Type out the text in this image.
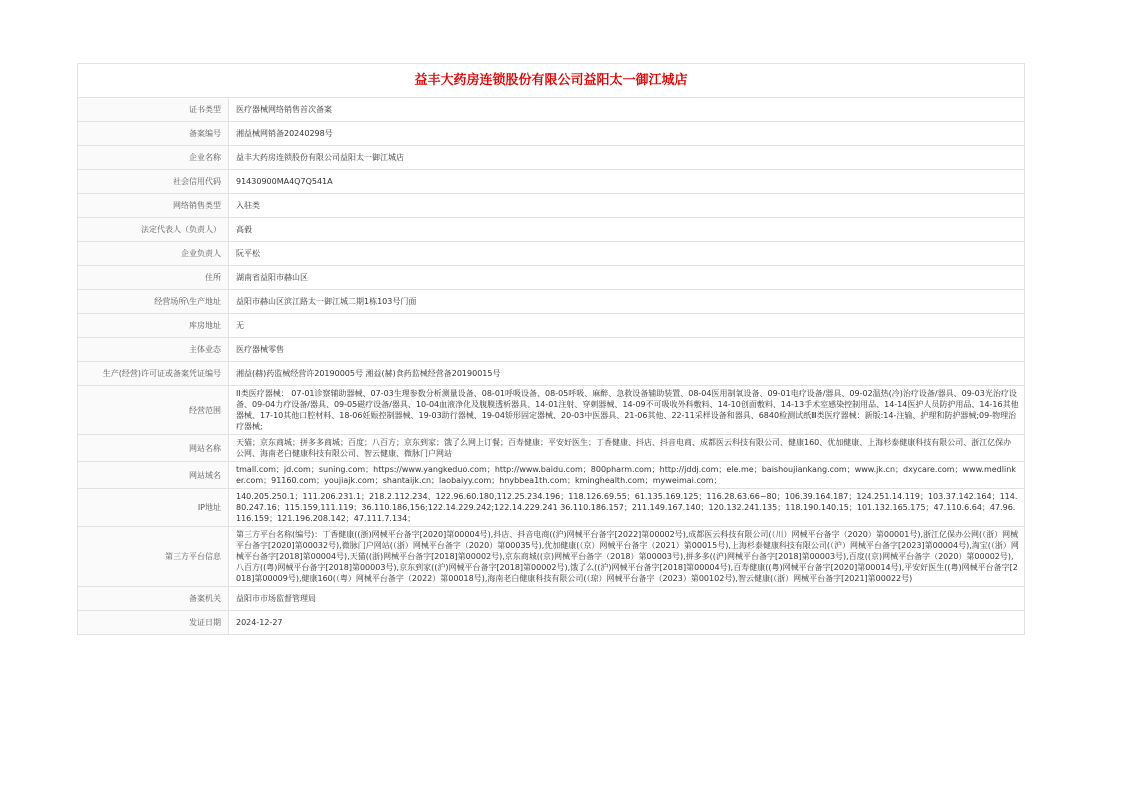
益丰大药房连锁股份有限公司益阳太一御江城店
证书类型	医疗器械网络销售首次备案
备案编号	湘益械网销备20240298号
企业名称	益丰大药房连锁股份有限公司益阳太一御江城店
社会信用代码	91430900MA4Q7Q541A
网络销售类型	入驻类
法定代表人（负责人）	高毅
企业负责人	阮平松
住所	湖南省益阳市赫山区
经营场所\生产地址	益阳市赫山区滨江路太一御江城二期1栋103号门面
库房地址	无
主体业态	医疗器械零售
生产(经营)许可证或备案凭证编号	湘益(赫)药监械经营许20190005号 湘益(赫)食药监械经营备20190015号
经营范围	II类医疗器械： 07-01诊察辅助器械、07-03生理参数分析测量设备、08-01呼吸设备、08-05呼吸、麻醉、急救设备辅助装置、08-04医用制氧设备、09-01电疗设备/器具、09-02温热(冷)治疗设备/器具、09-03光治疗设备、09-04力疗设备/器具、09-05磁疗设备/器具、10-04血液净化及腹膜透析器具、14-01注射、穿刺器械、14-09不可吸收外科敷料、14-10创面敷料、14-13手术室感染控制用品、14-14医护人员防护用品、14-16其他器械、17-10其他口腔材料、18-06妊娠控制器械、19-03助行器械、19-04矫形固定器械、20-03中医器具、21-06其他、22-11采样设备和器具、6840检测试纸Ⅲ类医疗器械：新版:14-注输、护理和防护器械;09-物理治疗器械;
网站名称	天猫；京东商城；拼多多商城；百度；八百方；京东到家；饿了么网上订餐；百寿健康；平安好医生；丁香健康、抖店、抖音电商、成都医云科技有限公司、健康160、优加健康、上海杉泰健康科技有限公司、浙江亿保办公网、海南老白健康科技有限公司、智云健康、微脉门户网站
网站域名	tmall.com；jd.com；suning.com；https://www.yangkeduo.com；http://www.baidu.com；800pharm.com；http://jddj.com；ele.me；baishoujiankang.com；www.jk.cn；dxycare.com；www.medlinker.com；91160.com；youjiajk.com；shantaijk.cn；laobaiyy.com；hnybbea1th.com；kminghealth.com；myweimai.com；
IP地址	140.205.250.1；111.206.231.1；218.2.112.234、122.96.60.180,112.25.234.196；118.126.69.55；61.135.169.125；116.28.63.66~80；106.39.164.187；124.251.14.119；103.37.142.164；114.80.247.16；115.159,111.119；36.110.186,156;122.14.229.242;122.14.229.241 36.110.186.157；211.149.167.140；120.132.241.135；118.190.140.15；101.132.165.175；47.110.6.64；47.96.116.159；121.196.208.142；47.111.7.134；
第三方平台信息	第三方平台名称(编号)：丁香健康((浙)网械平台备字[2020]第00004号),抖店、抖音电商((沪)网械平台备字[2022]第00002号),成都医云科技有限公司(（川）网械平台备字（2020）第00001号),浙江亿保办公网(（浙）网械平台备字[2020]第00032号),微脉门户网站(（浙）网械平台备字（2020）第00035号),优加健康(（京）网械平台备字（2021）第00015号),上海杉泰健康科技有限公司(（沪）网械平台备字[2023]第00004号),淘宝(（浙）网械平台备字[2018]第00004号),天猫((浙)网械平台备字[2018]第00002号),京东商城((京)网械平台备字（2018）第00003号),拼多多((沪)网械平台备字[2018]第00003号),百度((京)网械平台备字（2020）第00002号),八百方((粤)网械平台备字[2018]第00003号),京东到家((沪)网械平台备字[2018]第00002号),饿了么((沪)网械平台备字[2018]第00004号),百寿健康((粤)网械平台备字[2020]第00014号),平安好医生((粤)网械平台备字[2018]第00009号),健康160(（粤）网械平台备字（2022）第00018号),海南老白健康科技有限公司(（琼）网械平台备字（2023）第00102号),智云健康(（浙）网械平台备字[2021]第00022号)
备案机关	益阳市市场监督管理局
发证日期	2024-12-27
